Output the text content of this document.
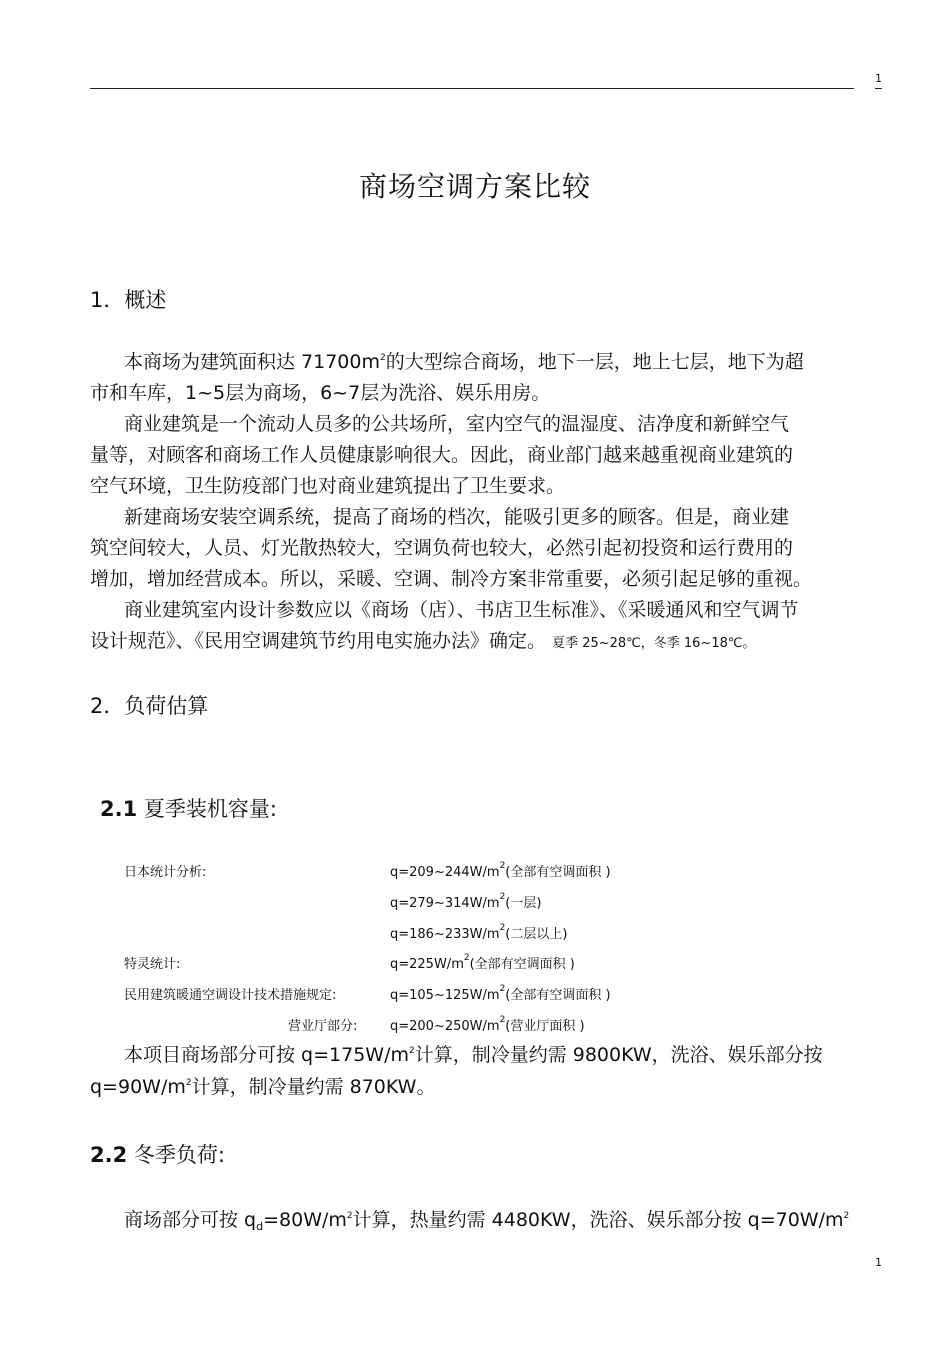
1
商场空调方案比较
1．概述
本商场为建筑面积达 $71700m^2$的大型综合商场，地下一层，地上七层，地下为超
市和车库，1~5层为商场，6~7层为洗浴、娱乐用房。
商业建筑是一个流动人员多的公共场所，室内空气的温湿度、洁净度和新鲜空气
量等，对顾客和商场工作人员健康影响很大。因此，商业部门越来越重视商业建筑的
空气环境，卫生防疫部门也对商业建筑提出了卫生要求。
新建商场安装空调系统，提高了商场的档次，能吸引更多的顾客。但是，商业建
筑空间较大，人员、灯光散热较大，空调负荷也较大，必然引起初投资和运行费用的
增加，增加经营成本。所以，采暖、空调、制冷方案非常重要，必须引起足够的重视。
商业建筑室内设计参数应以《商场（店）、书店卫生标准》、《采暖通风和空气调节
设计规范》、《民用空调建筑节约用电实施办法》确定。 夏季 25~28℃，冬季 16~18℃。
2．负荷估算
2.1 夏季装机容量:
日本统计分析:	$q=209\sim 244W/m^2$(全部有空调面积 )
$q=279\sim 314W/m^2$(一层)
$q=186\sim 233W/m^2$(二层以上)
特灵统计:	$q=225W/m^2$(全部有空调面积 )
民用建筑暖通空调设计技术措施规定:	$q=105\sim 125W/m^2$(全部有空调面积 )
营业厅部分:	$q=200\sim 250W/m^2$(营业厅面积 )
本项目商场部分可按 $q=175W/m^2$计算，制冷量约需 9800KW，洗浴、娱乐部分按
$q=90W/m^2$计算，制冷量约需 870KW。
2.2 冬季负荷:
商场部分可按 $q_d=80W/m^2$计算，热量约需 4480KW，洗浴、娱乐部分按 $q=70W/m^2$
1
